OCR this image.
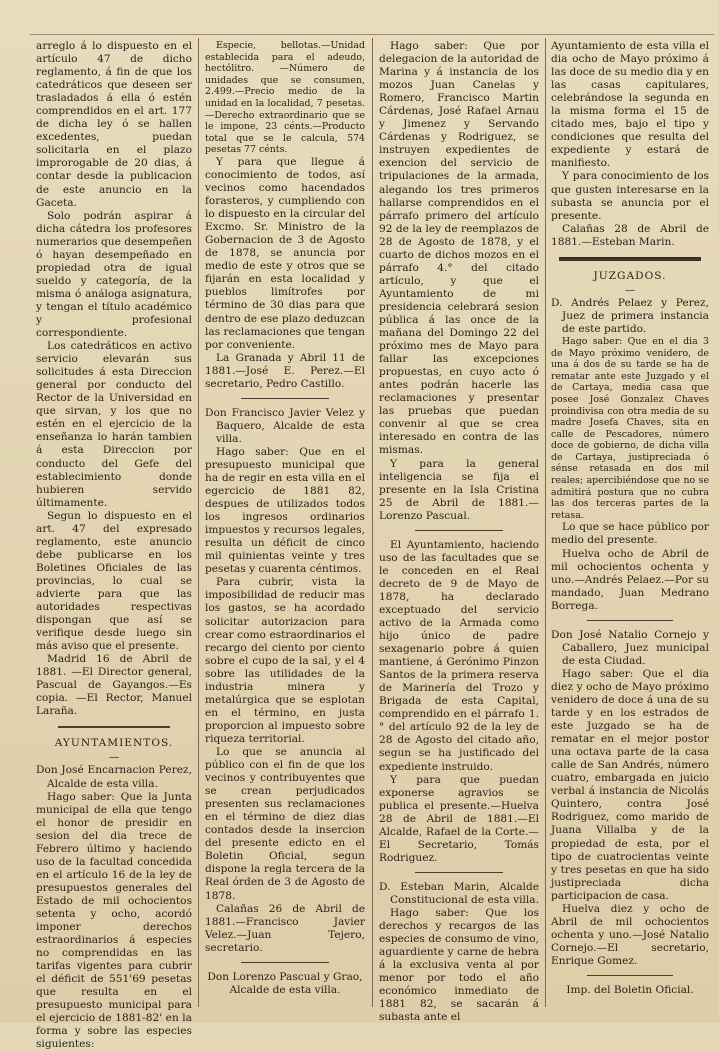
arreglo á lo dispuesto en el artículo 47 de dicho reglamento, á fin de que los catedráticos que deseen ser trasladados á ella ó estén comprendidos en el art. 177 de dicha ley ó se hallen excedentes, puedan solicitarla en el plazo improrogable de 20 dias, á contar desde la publicacion de este anuncio en la Gaceta.

Solo podrán aspirar á dicha cátedra los profesores numerarios que desempeñen ó hayan desempeñado en propiedad otra de igual sueldo y categoría, de la misma ó análoga asignatura, y tengan el título académico y profesional correspondiente.

Los catedráticos en activo servicio elevarán sus solicitudes á esta Direccion general por conducto del Rector de la Universidad en que sirvan, y los que no estén en el ejercicio de la enseñanza lo harán tambien á esta Direccion por conducto del Gefe del establecimiento donde hubieren servido últimamente.

Segun lo dispuesto en el art. 47 del expresado reglamento, este anuncio debe publicarse en los Boletines Oficiales de las provincias, lo cual se advierte para que las autoridades respectivas dispongan que así se verifique desde luego sin más aviso que el presente.

Madrid 16 de Abril de 1881. —El Director general, Pascual de Gayangos.—Es copia. —El Rector, Manuel Laraña.

AYUNTAMIENTOS.

—

Don José Encarnacion Perez, Alcalde de esta villa.

Hago saber: Que la Junta municipal de ella que tengo el honor de presidir en sesion del dia trece de Febrero último y haciendo uso de la facultad concedida en el artículo 16 de la ley de presupuestos generales del Estado de mil ochocientos setenta y ocho, acordó imponer derechos estraordinarios á especies no comprendidas en las tarifas vigentes para cubrir el déficit de 551'69 pesetas que resulta en el presupuesto municipal para el ejercicio de 1881-82' en la forma y sobre las especies siguientes:

Especie, bellotas.—Unidad establecida para el adeudo, hectólitro. —Número de unidades que se consumen, 2.499.—Precio medio de la unidad en la localidad, 7 pesetas.—Derecho extraordinario que se le impone, 23 cénts.—Producto total que se le calcula, 574 pesetas 77 cénts.

Y para que llegue á conocimiento de todos, así vecinos como hacendados forasteros, y cumpliendo con lo dispuesto en la circular del Excmo. Sr. Ministro de la Gobernacion de 3 de Agosto de 1878, se anuncia por medio de este y otros que se fijarán en esta localidad y pueblos limítrofes por término de 30 dias para que dentro de ese plazo deduzcan las reclamaciones que tengan por conveniente.

La Granada y Abril 11 de 1881.—José E. Perez.—El secretario, Pedro Castillo.

Don Francisco Javier Velez y Baquero, Alcalde de esta villa.

Hago saber: Que en el presupuesto municipal que ha de regir en esta villa en el egercicio de 1881 82, despues de utilizados todos los ingresos ordinarios impuestos y recursos legales, resulta un déficit de cinco mil quinientas veinte y tres pesetas y cuarenta céntimos.

Para cubrir, vista la imposibilidad de reducir mas los gastos, se ha acordado solicitar autorizacion para crear como estraordinarios el recargo del ciento por ciento sobre el cupo de la sal, y el 4 sobre las utilidades de la industria minera y metalúrgica que se esplotan en el término, en justa proporcion al impuesto sobre riqueza territorial.

Lo que se anuncia al público con el fin de que los vecinos y contribuyentes que se crean perjudicados presenten sus reclamaciones en el término de diez dias contados desde la insercion del presente edicto en el Boletin Oficial, segun dispone la regla tercera de la Real órden de 3 de Agosto de 1878.

Calañas 26 de Abril de 1881.—Francisco Javier Velez.—Juan Tejero, secretario.

Don Lorenzo Pascual y Grao, Alcalde de esta villa.

Hago saber: Que por delegacion de la autoridad de Marina y á instancia de los mozos Juan Canelas y Romero, Francisco Martin Cárdenas, José Rafael Arnau y Jimenez y Servando Cárdenas y Rodriguez, se instruyen expedientes de exencion del servicio de tripulaciones de la armada, alegando los tres primeros hallarse comprendidos en el párrafo primero del artículo 92 de la ley de reemplazos de 28 de Agosto de 1878, y el cuarto de dichos mozos en el párrafo 4.° del citado artículo, y que el Ayuntamiento de mi presidencia celebrará sesion pública á las once de la mañana del Domingo 22 del próximo mes de Mayo para fallar las excepciones propuestas, en cuyo acto ó antes podrán hacerle las reclamaciones y presentar las pruebas que puedan convenir al que se crea interesado en contra de las mismas.

Y para la general inteligencia se fija el presente en la Isla Cristina 25 de Abril de 1881.—Lorenzo Pascual.

El Ayuntamiento, haciendo uso de las facultades que se le conceden en el Real decreto de 9 de Mayo de 1878, ha declarado exceptuado del servicio activo de la Armada como hijo único de padre sexagenario pobre á quien mantiene, á Gerónimo Pinzon Santos de la primera reserva de Marinería del Trozo y Brigada de esta Capital, comprendido en el párrafo 1.° del artículo 92 de la ley de 28 de Agosto del citado año, segun se ha justificado del expediente instruido.

Y para que puedan exponerse agravios se publica el presente.—Huelva 28 de Abril de 1881.—El Alcalde, Rafael de la Corte.—El Secretario, Tomás Rodriguez.

D. Esteban Marin, Alcalde Constitucional de esta villa.

Hago saber: Que los derechos y recargos de las especies de consumo de vino, aguardiente y carne de hebra á la exclusiva venta al por menor por todo el año económico inmediato de 1881 82, se sacarán á subasta ante el

Ayuntamiento de esta villa el dia ocho de Mayo próximo á las doce de su medio dia y en las casas capitulares, celebrándose la segunda en la misma forma el 15 de citado mes, bajo el tipo y condiciones que resulta del expediente y estará de manifiesto.

Y para conocimiento de los que gusten interesarse en la subasta se anuncia por el presente.

Calañas 28 de Abril de 1881.—Esteban Marin.

JUZGADOS.

—

D. Andrés Pelaez y Perez, Juez de primera instancia de este partido.

Hago saber: Que en el dia 3 de Mayo próximo venidero, de una á dos de su tarde se ha de rematar ante este Juzgado y el de Cartaya, media casa que posee José Gonzalez Chaves proindivisa con otra media de su madre Josefa Chaves, sita en calle de Pescadores, número doce de gobierno, de dicha villa de Cartaya, justipreciada ó sénse retasada en dos mil reales; apercibiéndose que no se admitirá postura que no cubra las dos terceras partes de la retasa.

Lo que se hace público por medio del presente.

Huelva ocho de Abril de mil ochocientos ochenta y uno.—Andrés Pelaez.—Por su mandado, Juan Medrano Borrega.

Don José Natalio Cornejo y Caballero, Juez municipal de esta Ciudad.

Hago saber: Que el dia diez y ocho de Mayo próximo venidero de doce á una de su tarde y en los estrados de este Juzgado se ha de rematar en el mejor postor una octava parte de la casa calle de San Andrés, número cuatro, embargada en juicio verbal á instancia de Nicolás Quintero, contra José Rodriguez, como marido de Juana Villalba y de la propiedad de esta, por el tipo de cuatrocientas veinte y tres pesetas en que ha sido justipreciada dicha participacion de casa.

Huelva diez y ocho de Abril de mil ochocientos ochenta y uno.—José Natalio Cornejo.—El secretario, Enrique Gomez.

Imp. del Boletin Oficial.
